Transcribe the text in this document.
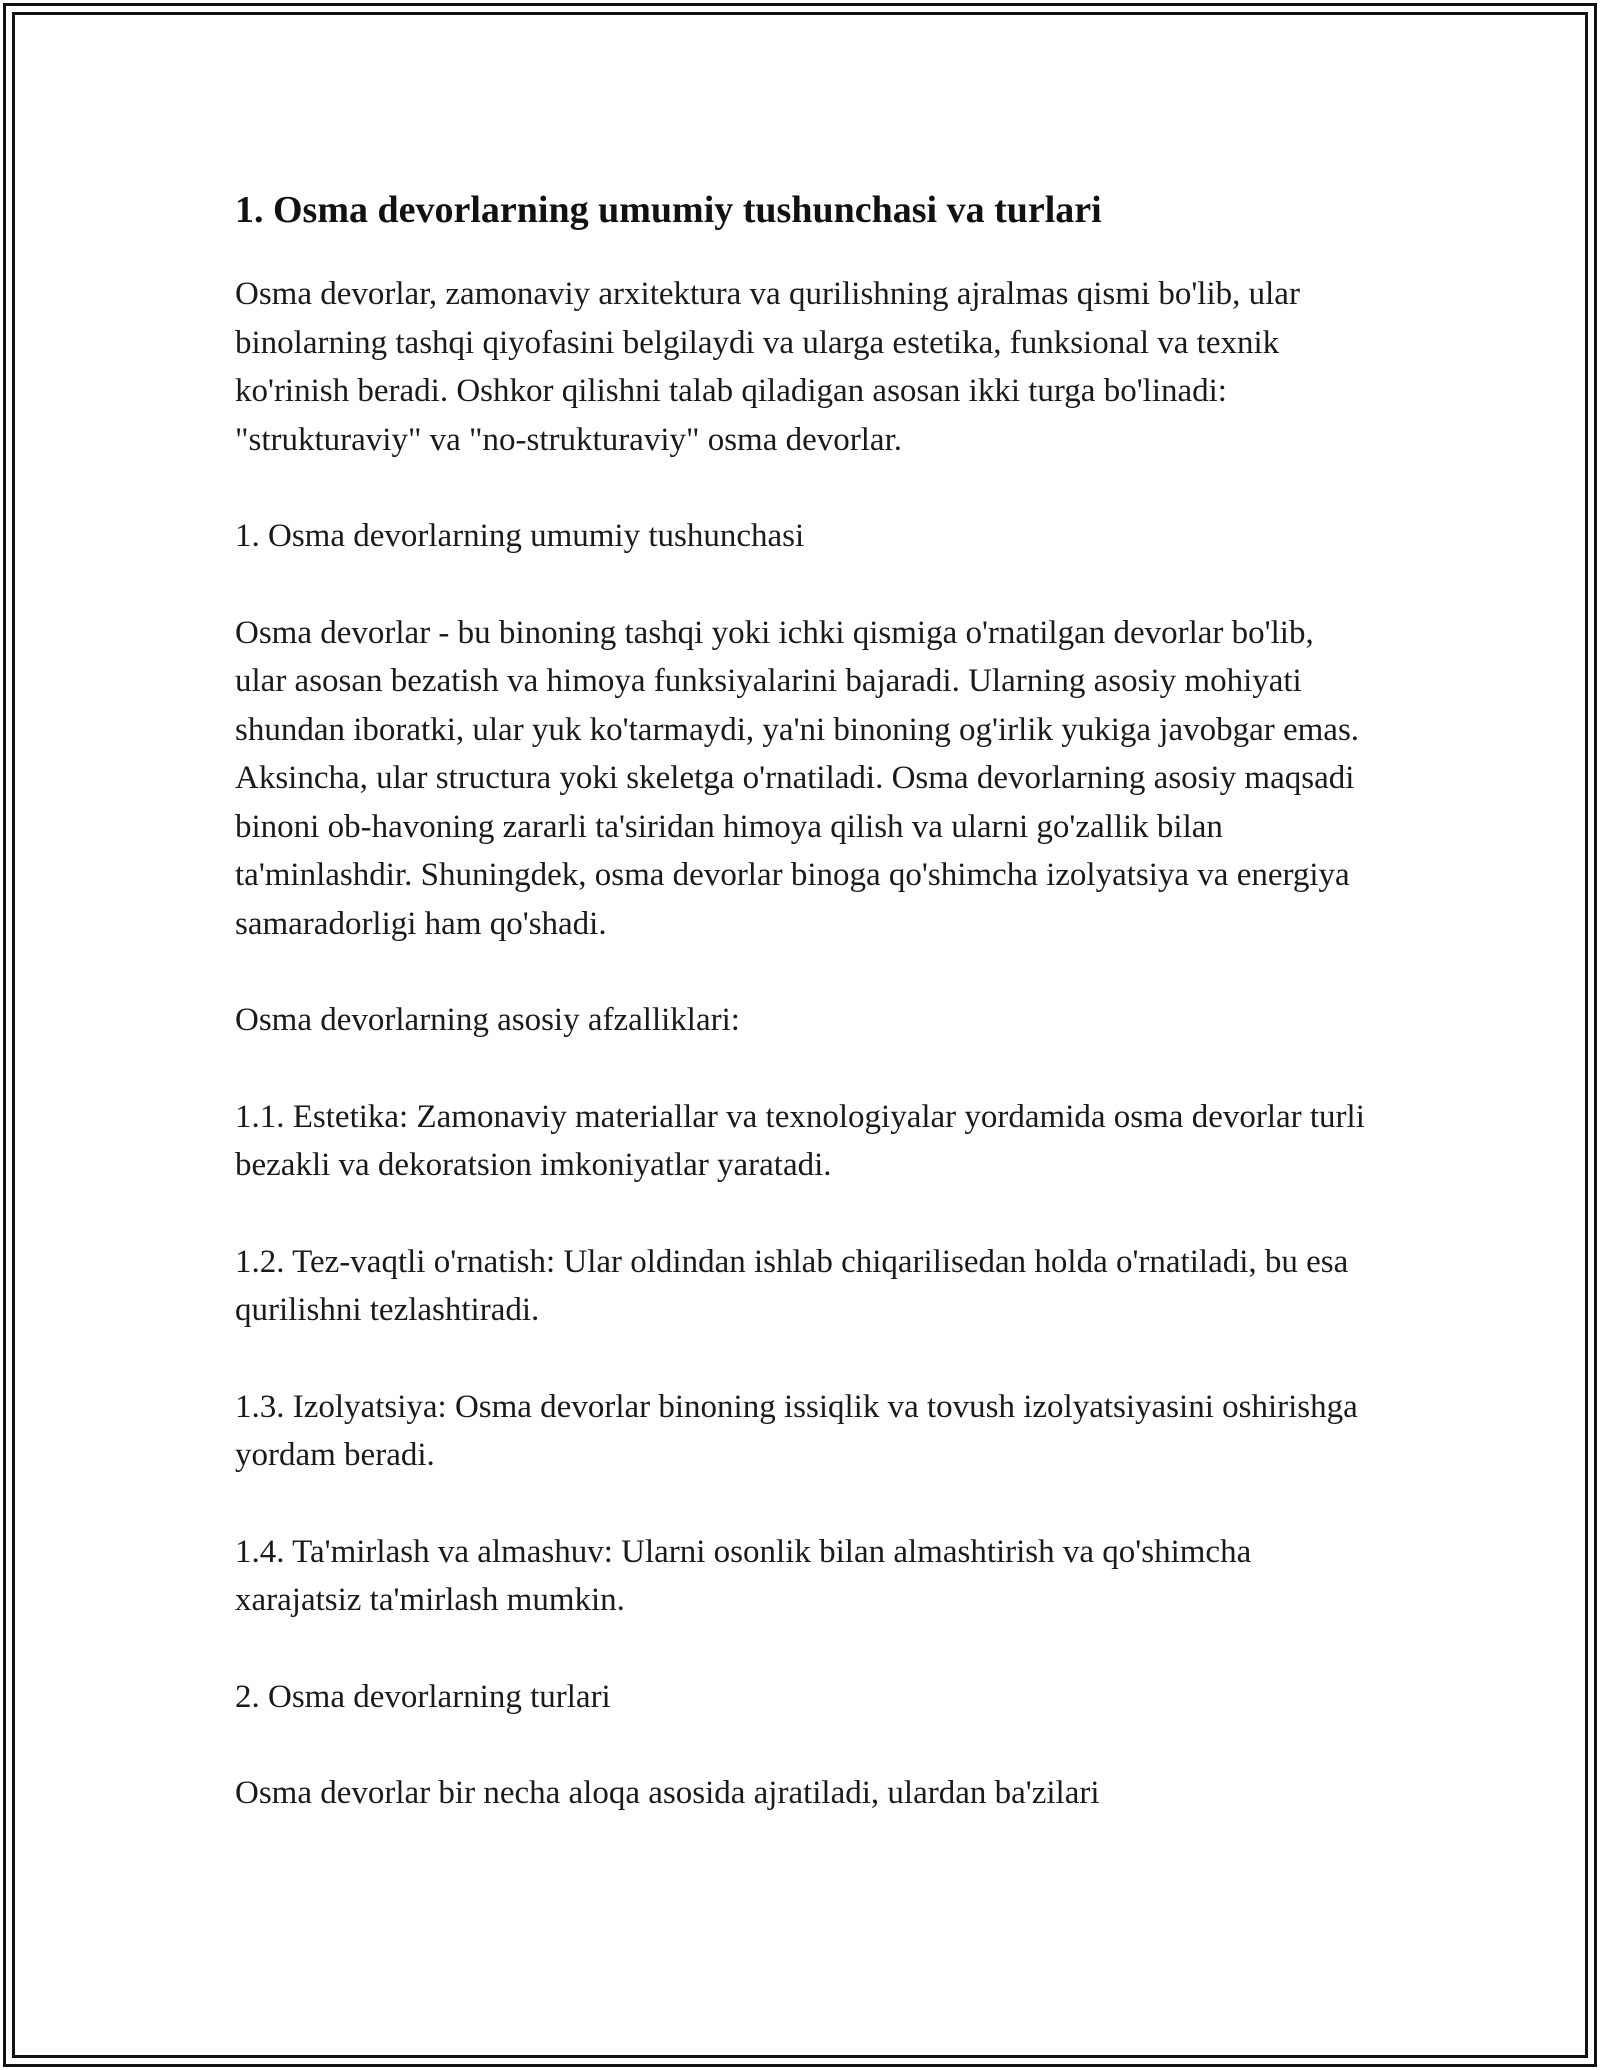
1. Osma devorlarning umumiy tushunchasi va turlari

Osma devorlar, zamonaviy arxitektura va qurilishning ajralmas qismi bo'lib, ular binolarning tashqi qiyofasini belgilaydi va ularga estetika, funksional va texnik ko'rinish beradi. Oshkor qilishni talab qiladigan asosan ikki turga bo'linadi: "strukturaviy" va "no-strukturaviy" osma devorlar.

1. Osma devorlarning umumiy tushunchasi

Osma devorlar - bu binoning tashqi yoki ichki qismiga o'rnatilgan devorlar bo'lib, ular asosan bezatish va himoya funksiyalarini bajaradi. Ularning asosiy mohiyati shundan iboratki, ular yuk ko'tarmaydi, ya'ni binoning og'irlik yukiga javobgar emas. Aksincha, ular structura yoki skeletga o'rnatiladi. Osma devorlarning asosiy maqsadi binoni ob-havoning zararli ta'siridan himoya qilish va ularni go'zallik bilan ta'minlashdir. Shuningdek, osma devorlar binoga qo'shimcha izolyatsiya va energiya samaradorligi ham qo'shadi.

Osma devorlarning asosiy afzalliklari:

1.1. Estetika: Zamonaviy materiallar va texnologiyalar yordamida osma devorlar turli bezakli va dekoratsion imkoniyatlar yaratadi.

1.2. Tez-vaqtli o'rnatish: Ular oldindan ishlab chiqarilisedan holda o'rnatiladi, bu esa qurilishni tezlashtiradi.

1.3. Izolyatsiya: Osma devorlar binoning issiqlik va tovush izolyatsiyasini oshirishga yordam beradi.

1.4. Ta'mirlash va almashuv: Ularni osonlik bilan almashtirish va qo'shimcha xarajatsiz ta'mirlash mumkin.

2. Osma devorlarning turlari

Osma devorlar bir necha aloqa asosida ajratiladi, ulardan ba'zilari
